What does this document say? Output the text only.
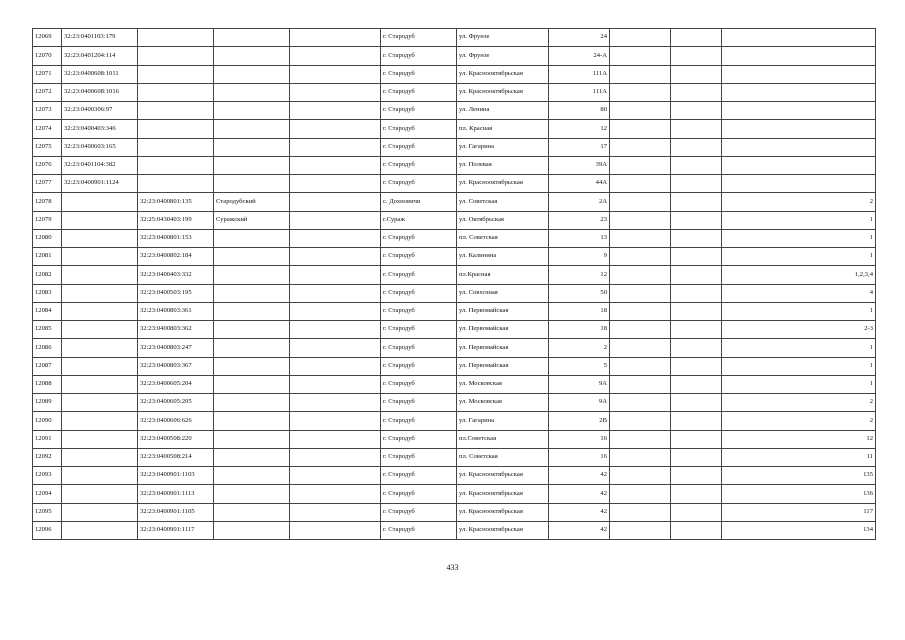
12069	32:23:0401103:179				г. Стародуб	ул. Фрунзе	24			
12070	32:23:0401204:114				г. Стародуб	ул. Фрунзе	24-А			
12071	32:23:0400608:1011				г. Стародуб	ул. Краснооктябрьская	111А			
12072	32:23:0400608:1016				г. Стародуб	ул. Краснооктябрьская	111А			
12073	32:23:0400306:97				г. Стародуб	ул. Ленина	80			
12074	32:23:0400403:346				г. Стародуб	пл. Красная	12			
12075	32:23:0400603:165				г. Стародуб	ул. Гагарина	17			
12076	32:23:0401104:382				г. Стародуб	ул. Полевая	39А			
12077	32:23:0400901:1124				г. Стародуб	ул. Краснооктябрьская	44А			
12078		32:23:0400801:135	Стародубский		с. Дохновичи	ул. Советская	2А			2
12079		32:25:0430403:199	Суражский		г.Сураж	ул. Октябрьская	23			1
12080		32:23:0400801:153			г. Стародуб	пл. Советская	13			1
12081		32:23:0400802:184			г. Стародуб	ул. Калинина	9			1
12082		32:23:0400403:332			г. Стародуб	пл.Красная	12			1,2,3,4
12083		32:23:0400503:195			г. Стародуб	ул. Совхозная	50			4
12084		32:23:0400803:361			г. Стародуб	ул. Первомайская	18			1
12085		32:23:0400803:362			г. Стародуб	ул. Первомайская	18			2-3
12086		32:23:0400803:247			г. Стародуб	ул. Первомайская	2			1
12087		32:23:0400803:367			г. Стародуб	ул. Первомайская	5			1
12088		32:23:0400605:204			г. Стародуб	ул. Московская	9А			1
12089		32:23:0400605:205			г. Стародуб	ул. Московская	9А			2
12090		32:23:0400606:626			г. Стародуб	ул. Гагарина	2В			2
12091		32:23:0400508:220			г. Стародуб	пл.Советская	16			12
12092		32:23:0400508:214			г. Стародуб	пл. Советская	16			11
12093		32:23:0400901:1103			г. Стародуб	ул. Краснооктябрьская	42			135
12094		32:23:0400901:1113			г. Стародуб	ул. Краснооктябрьская	42			136
12095		32:23:0400901:1105			г. Стародуб	ул. Краснооктябрьская	42			117
12096		32:23:0400901:1117			г. Стародуб	ул. Краснооктябрьская	42			134
433
